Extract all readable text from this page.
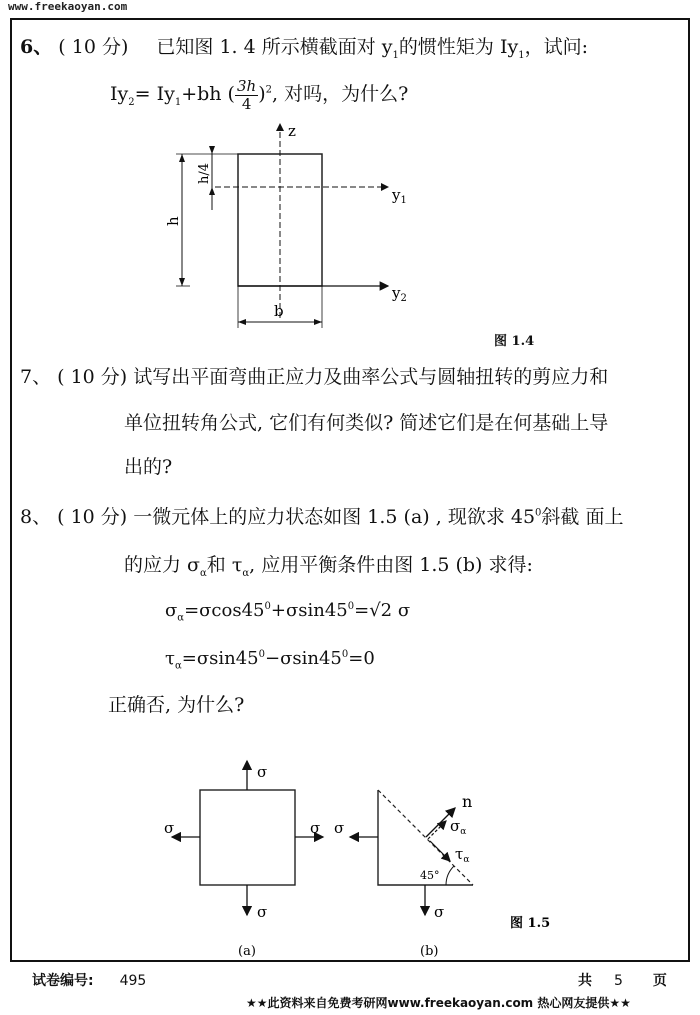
www.freekaoyan.com
6、 ( 10 分) 已知图 1. 4 所示横截面对 $y_1$的惯性矩为 $Iy_1$，试问:
$Iy_2= Iy_1+bh$ ( $\frac{3h}{4} )^2$, 对吗，为什么?
z
$y_1$
$y_2$
h
h/4
b
图 1.4
7、 ( 10 分) 试写出平面弯曲正应力及曲率公式与圆轴扭转的剪应力和
单位扭转角公式, 它们有何类似? 简述它们是在何基础上导
出的?
8、 ( 10 分) 一微元体上的应力状态如图 1.5 (a) , 现欲求 $45^0$斜截 面上
的应力 $\sigma_\alpha$和 $\tau_\alpha$, 应用平衡条件由图 1.5 (b) 求得:
$\sigma_\alpha=\sigma\cos 45^0+\sigma\sin 45^0=√2$ σ
$\tau_\alpha=\sigma\sin 45^0-\sigma\sin 45^0=0$
正确否, 为什么?
σ
σ
σ	σ
(a)
σ
σ
n
$\sigma_\alpha$
$\tau_\alpha$
45°
(b)
图 1.5
试卷编号: 495	共 5 页
★★此资料来自免费考研网www.freekaoyan.com 热心网友提供★★
